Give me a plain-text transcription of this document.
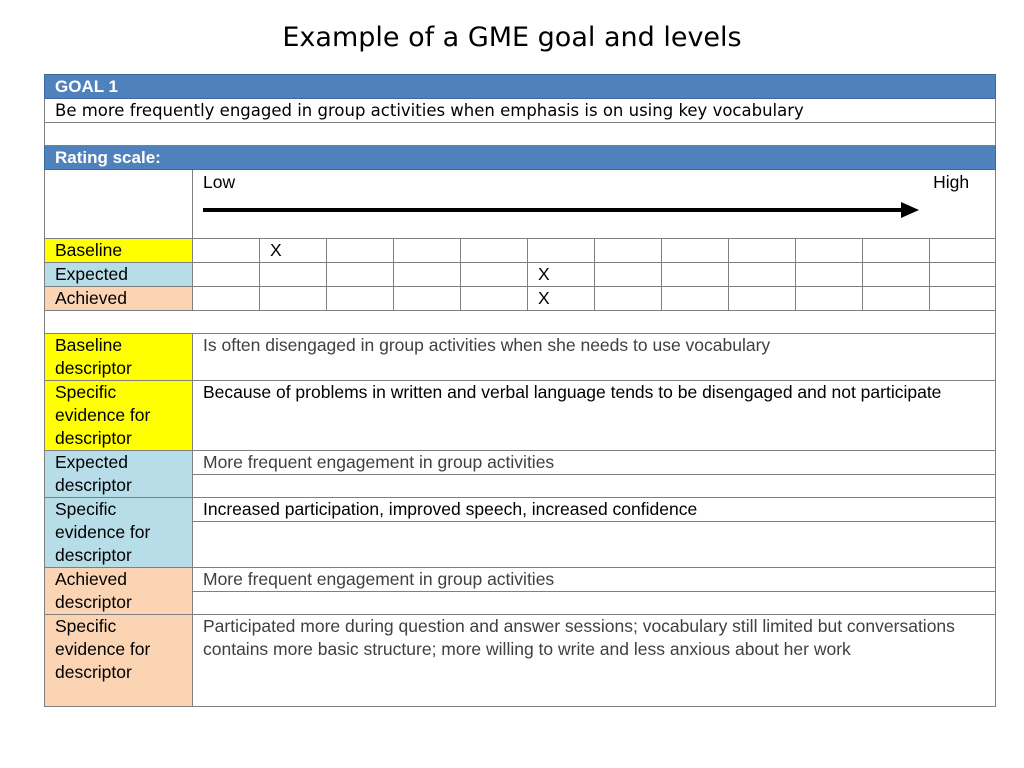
Example of a GME goal and levels
GOAL 1												
Be more frequently engaged in group activities when emphasis is on using key vocabulary												

Rating scale:												

	Low High											

Baseline		X										
Expected						X						
Achieved						X						

Baseline descriptor	Is often disengaged in group activities when she needs to use vocabulary											
Specific evidence for descriptor	Because of problems in written and verbal language tends to be disengaged and not participate											
Expected descriptor	More frequent engagement in group activities											

Specific evidence for descriptor	Increased participation, improved speech, increased confidence											

Achieved descriptor	More frequent engagement in group activities											

Specific evidence for descriptor	Participated more during question and answer sessions; vocabulary still limited but conversations contains more basic structure; more willing to write and less anxious about her work											
